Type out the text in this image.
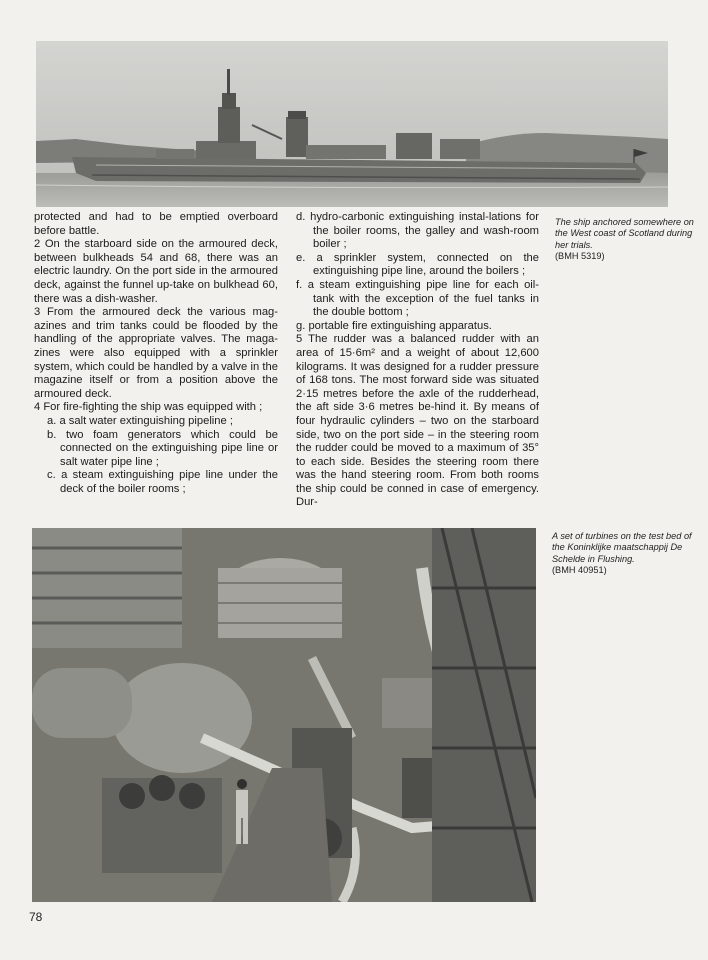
protected and had to be emptied overboard before battle.

2 On the starboard side on the armoured deck, between bulkheads 54 and 68, there was an electric laundry. On the port side in the armoured deck, against the funnel up-take on bulkhead 60, there was a dish-washer.

3 From the armoured deck the various mag-azines and trim tanks could be flooded by the handling of the appropriate valves. The maga-zines were also equipped with a sprinkler system, which could be handled by a valve in the magazine itself or from a position above the armoured deck.

4 For fire-fighting the ship was equipped with ;

a. a salt water extinguishing pipeline ;

b. two foam generators which could be connected on the extinguishing pipe line or salt water pipe line ;

c. a steam extinguishing pipe line under the deck of the boiler rooms ;

d. hydro-carbonic extinguishing instal-lations for the boiler rooms, the galley and wash-room boiler ;

e. a sprinkler system, connected on the extinguishing pipe line, around the boilers ;

f. a steam extinguishing pipe line for each oil-tank with the exception of the fuel tanks in the double bottom ;

g. portable fire extinguishing apparatus.

5 The rudder was a balanced rudder with an area of 15·6m² and a weight of about 12,600 kilograms. It was designed for a rudder pressure of 168 tons. The most forward side was situated 2·15 metres before the axle of the rudderhead, the aft side 3·6 metres be-hind it. By means of four hydraulic cylinders – two on the starboard side, two on the port side – in the steering room the rudder could be moved to a maximum of 35° to each side. Besides the steering room there was the hand steering room. From both rooms the ship could be conned in case of emergency. Dur-

The ship anchored somewhere on the West coast of Scotland during her trials.
(BMH 5319)
A set of turbines on the test bed of the Koninklijke maatschappij De Schelde in Flushing.
(BMH 40951)
78
